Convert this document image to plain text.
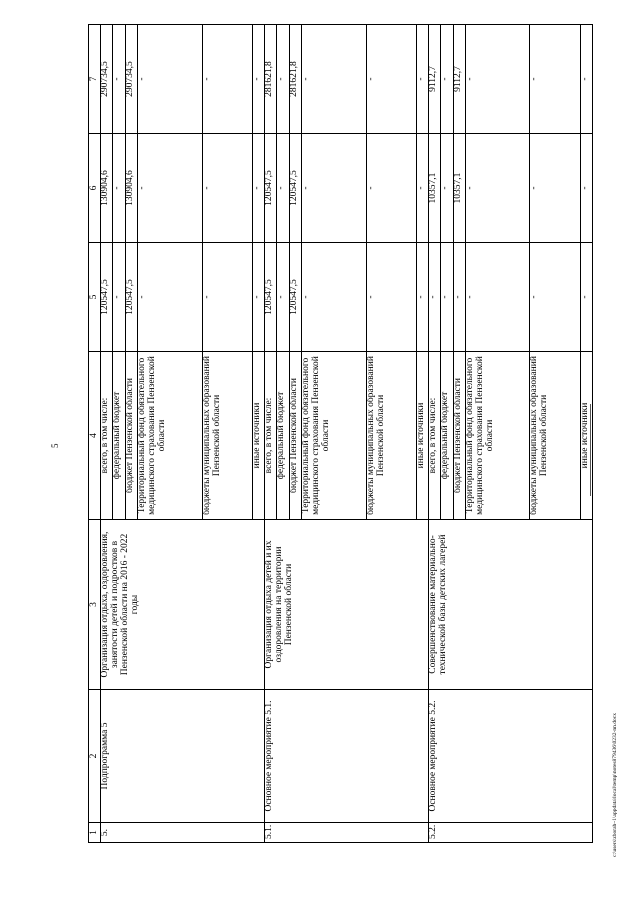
5
1	2	3	4	5	6	7
5.	Подпрограмма 5	Организация отдыха, оздоровления, занятости детей и подростков в Пензенской области на 2016 - 2022 годы	всего, в том числе:	120547,5	130904,6	290734,5
			федеральный бюджет	-	-	-
			бюджет Пензенской области	120547,5	130904,6	290734,5
			Территориальный фонд обязательного медицинского страхования Пензенской области	-	-	-
			бюджеты муниципальных образований Пензенской области	-	-	-
			иные источники	-	-	-
5.1.	Основное мероприятие 5.1.	Организация отдыха детей и их оздоровления на территории Пензенской области	всего, в том числе:	120547,5	120547,5	281621,8
			федеральный бюджет	-	-	-
			бюджет Пензенской области	120547,5	120547,5	281621,8
			Территориальный фонд обязательного медицинского страхования Пензенской области	-	-	-
			бюджеты муниципальных образований Пензенской области	-	-	-
			иные источники	-	-	-
5.2.	Основное мероприятие 5.2.	Совершенствование материально-технической базы детских лагерей	всего, в том числе:	-	10357,1	9112,7
			федеральный бюджет	-	-	-
			бюджет Пензенской области	-	10357,1	9112,7
			Территориальный фонд обязательного медицинского страхования Пензенской области	-	-	-
			бюджеты муниципальных образований Пензенской области	-	-	-
			иные источники	-	-	-
c:\users\zborah~1\appdata\local\temp\notes879436\0232-nn.docx
